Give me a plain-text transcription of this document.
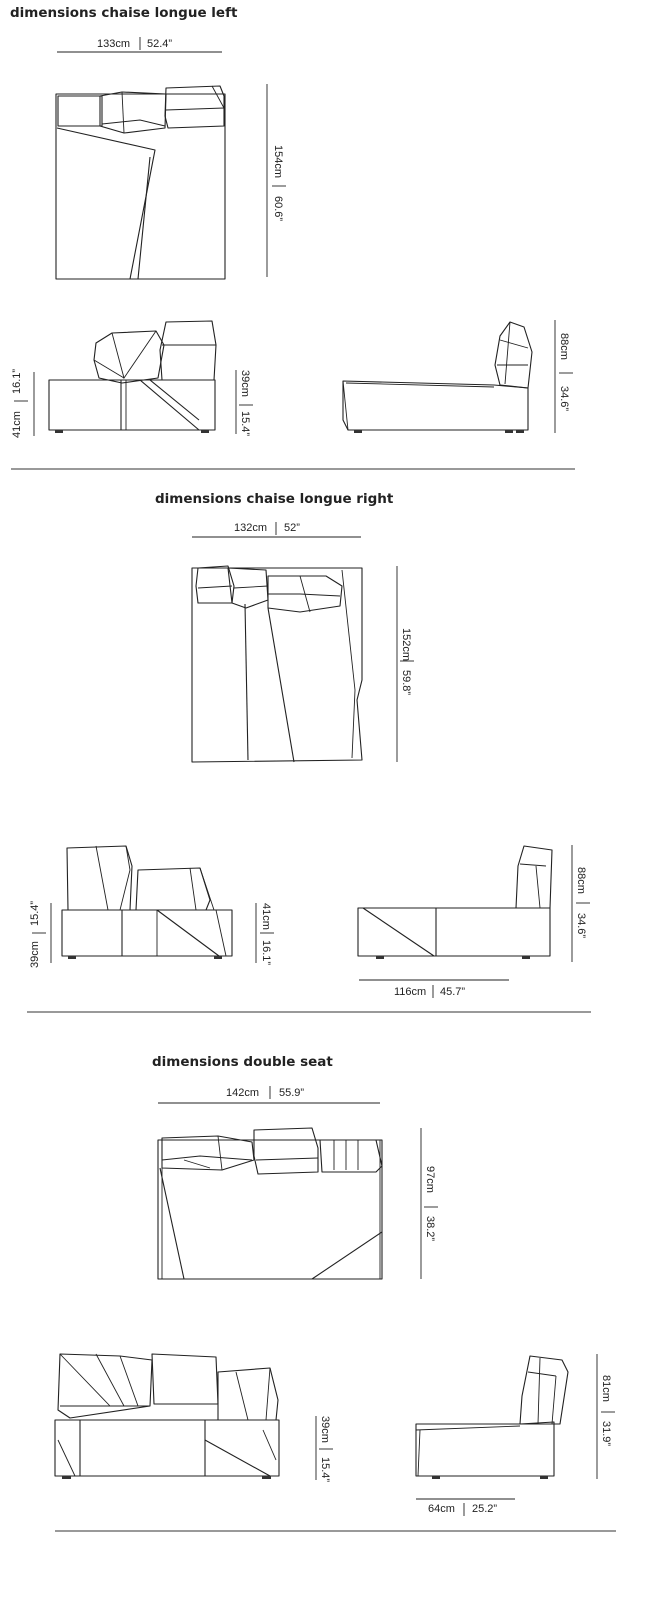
dimensions chaise longue left
133cm 52.4”
154cm
60.6”
41cm
16.1”	39cm
15.4”
88cm
34.6”
dimensions chaise longue right
132cm 52”
152cm
59.8”
39cm
15.4”	41cm
16.1”
88cm
34.6”
116cm 45.7”
dimensions double seat
142cm 55.9”
97cm
38.2”
39cm
15.4”
81cm
31.9”
64cm 25.2”
